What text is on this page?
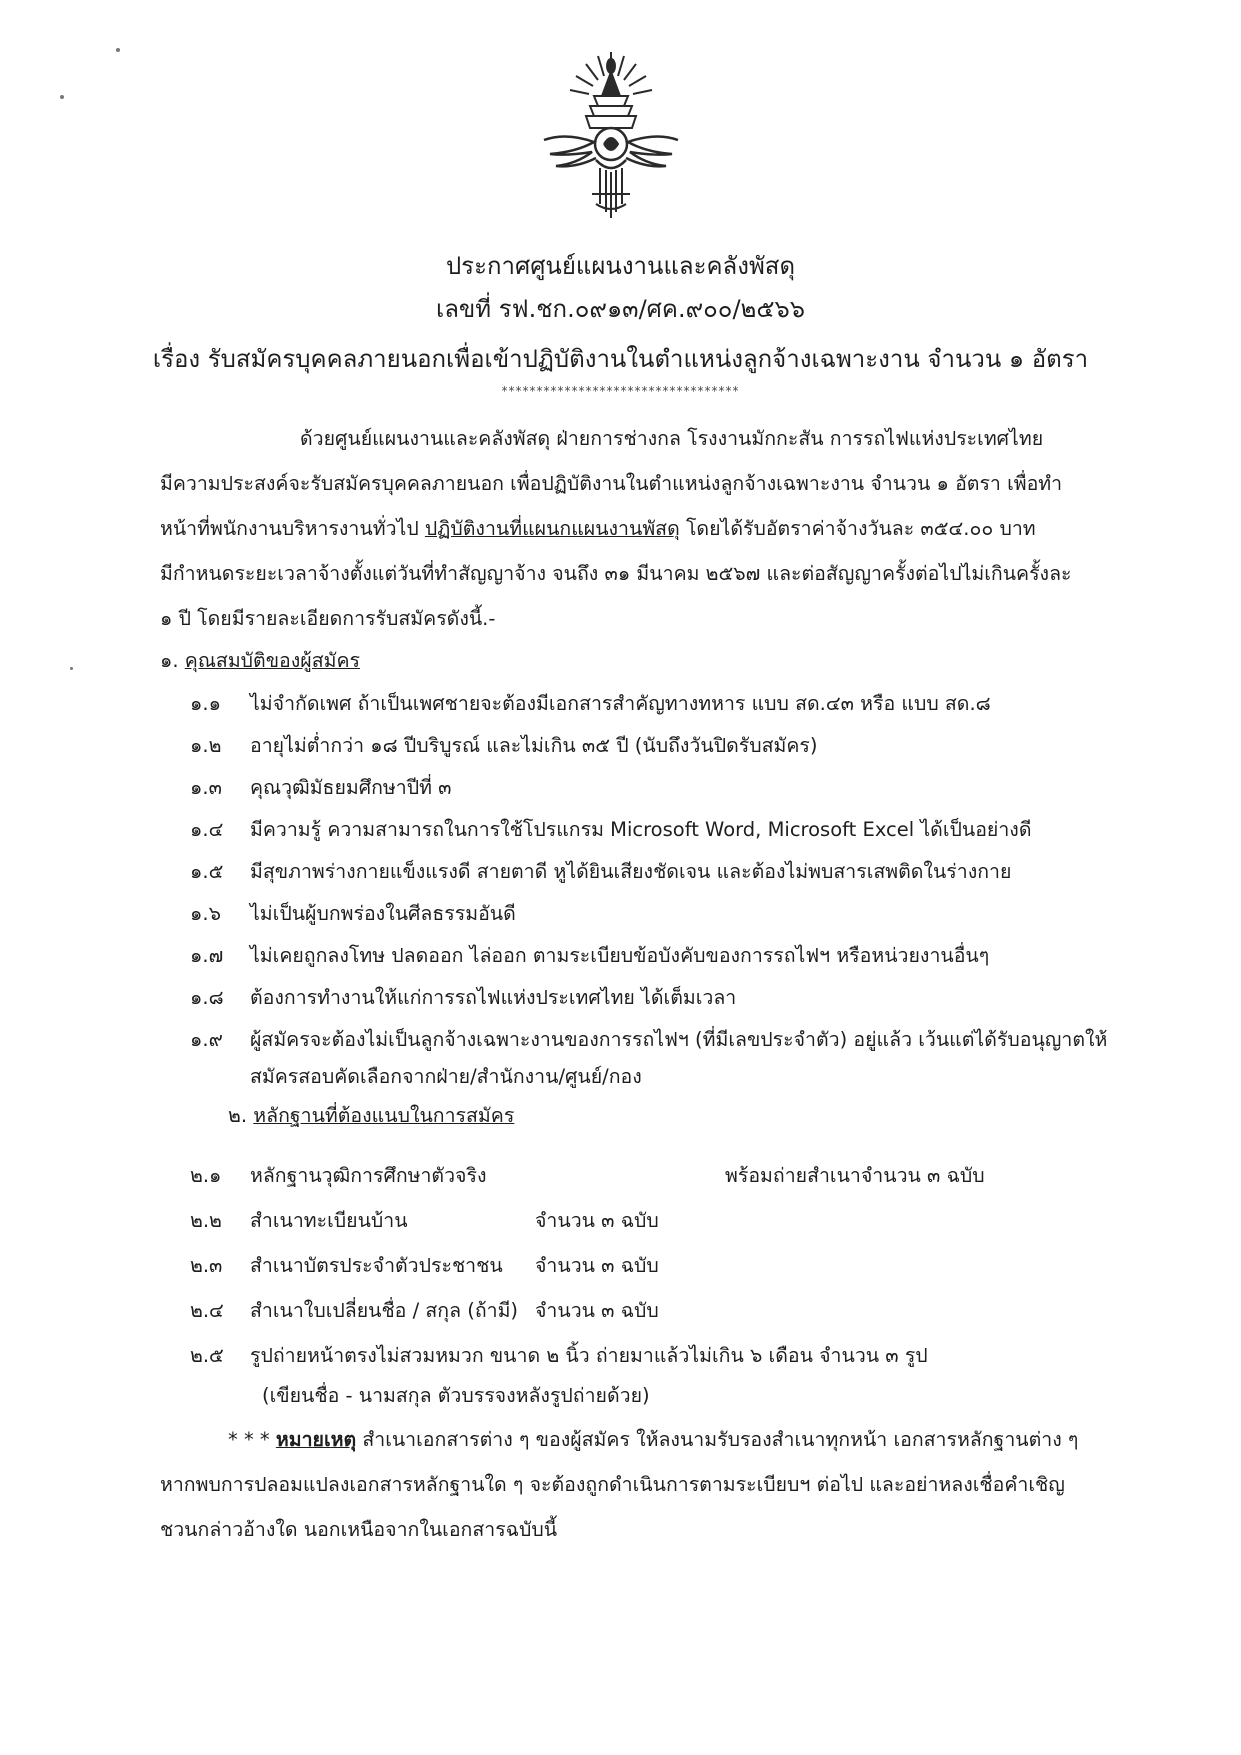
ประกาศศูนย์แผนงานและคลังพัสดุ
เลขที่ รฟ.ชก.๐๙๑๓/ศค.๙๐๐/๒๕๖๖
เรื่อง รับสมัครบุคคลภายนอกเพื่อเข้าปฏิบัติงานในตำแหน่งลูกจ้างเฉพาะงาน จำนวน ๑ อัตรา
**********************************
ด้วยศูนย์แผนงานและคลังพัสดุ ฝ่ายการช่างกล โรงงานมักกะสัน การรถไฟแห่งประเทศไทย
มีความประสงค์จะรับสมัครบุคคลภายนอก เพื่อปฏิบัติงานในตำแหน่งลูกจ้างเฉพาะงาน จำนวน ๑ อัตรา เพื่อทำ
หน้าที่พนักงานบริหารงานทั่วไป ปฏิบัติงานที่แผนกแผนงานพัสดุ โดยได้รับอัตราค่าจ้างวันละ ๓๕๔.๐๐ บาท
มีกำหนดระยะเวลาจ้างตั้งแต่วันที่ทำสัญญาจ้าง จนถึง ๓๑ มีนาคม ๒๕๖๗ และต่อสัญญาครั้งต่อไปไม่เกินครั้งละ
๑ ปี โดยมีรายละเอียดการรับสมัครดังนี้.-
๑. คุณสมบัติของผู้สมัคร
๑.๑ ไม่จำกัดเพศ ถ้าเป็นเพศชายจะต้องมีเอกสารสำคัญทางทหาร แบบ สด.๔๓ หรือ แบบ สด.๘
๑.๒ อายุไม่ต่ำกว่า ๑๘ ปีบริบูรณ์ และไม่เกิน ๓๕ ปี (นับถึงวันปิดรับสมัคร)
๑.๓ คุณวุฒิมัธยมศึกษาปีที่ ๓
๑.๔ มีความรู้ ความสามารถในการใช้โปรแกรม Microsoft Word, Microsoft Excel ได้เป็นอย่างดี
๑.๕ มีสุขภาพร่างกายแข็งแรงดี สายตาดี หูได้ยินเสียงชัดเจน และต้องไม่พบสารเสพติดในร่างกาย
๑.๖ ไม่เป็นผู้บกพร่องในศีลธรรมอันดี
๑.๗ ไม่เคยถูกลงโทษ ปลดออก ไล่ออก ตามระเบียบข้อบังคับของการรถไฟฯ หรือหน่วยงานอื่นๆ
๑.๘ ต้องการทำงานให้แก่การรถไฟแห่งประเทศไทย ได้เต็มเวลา
๑.๙ ผู้สมัครจะต้องไม่เป็นลูกจ้างเฉพาะงานของการรถไฟฯ (ที่มีเลขประจำตัว) อยู่แล้ว เว้นแต่ได้รับอนุญาตให้
สมัครสอบคัดเลือกจากฝ่าย/สำนักงาน/ศูนย์/กอง
๒. หลักฐานที่ต้องแนบในการสมัคร
๒.๑ หลักฐานวุฒิการศึกษาตัวจริง	พร้อมถ่ายสำเนาจำนวน ๓ ฉบับ
๒.๒ สำเนาทะเบียนบ้าน	จำนวน ๓ ฉบับ
๒.๓ สำเนาบัตรประจำตัวประชาชน จำนวน ๓ ฉบับ
๒.๔ สำเนาใบเปลี่ยนชื่อ / สกุล (ถ้ามี) จำนวน ๓ ฉบับ
๒.๕ รูปถ่ายหน้าตรงไม่สวมหมวก ขนาด ๒ นิ้ว ถ่ายมาแล้วไม่เกิน ๖ เดือน จำนวน ๓ รูป
(เขียนชื่อ - นามสกุล ตัวบรรจงหลังรูปถ่ายด้วย)
* * * หมายเหตุ สำเนาเอกสารต่าง ๆ ของผู้สมัคร ให้ลงนามรับรองสำเนาทุกหน้า เอกสารหลักฐานต่าง ๆ
หากพบการปลอมแปลงเอกสารหลักฐานใด ๆ จะต้องถูกดำเนินการตามระเบียบฯ ต่อไป และอย่าหลงเชื่อคำเชิญ
ชวนกล่าวอ้างใด นอกเหนือจากในเอกสารฉบับนี้
